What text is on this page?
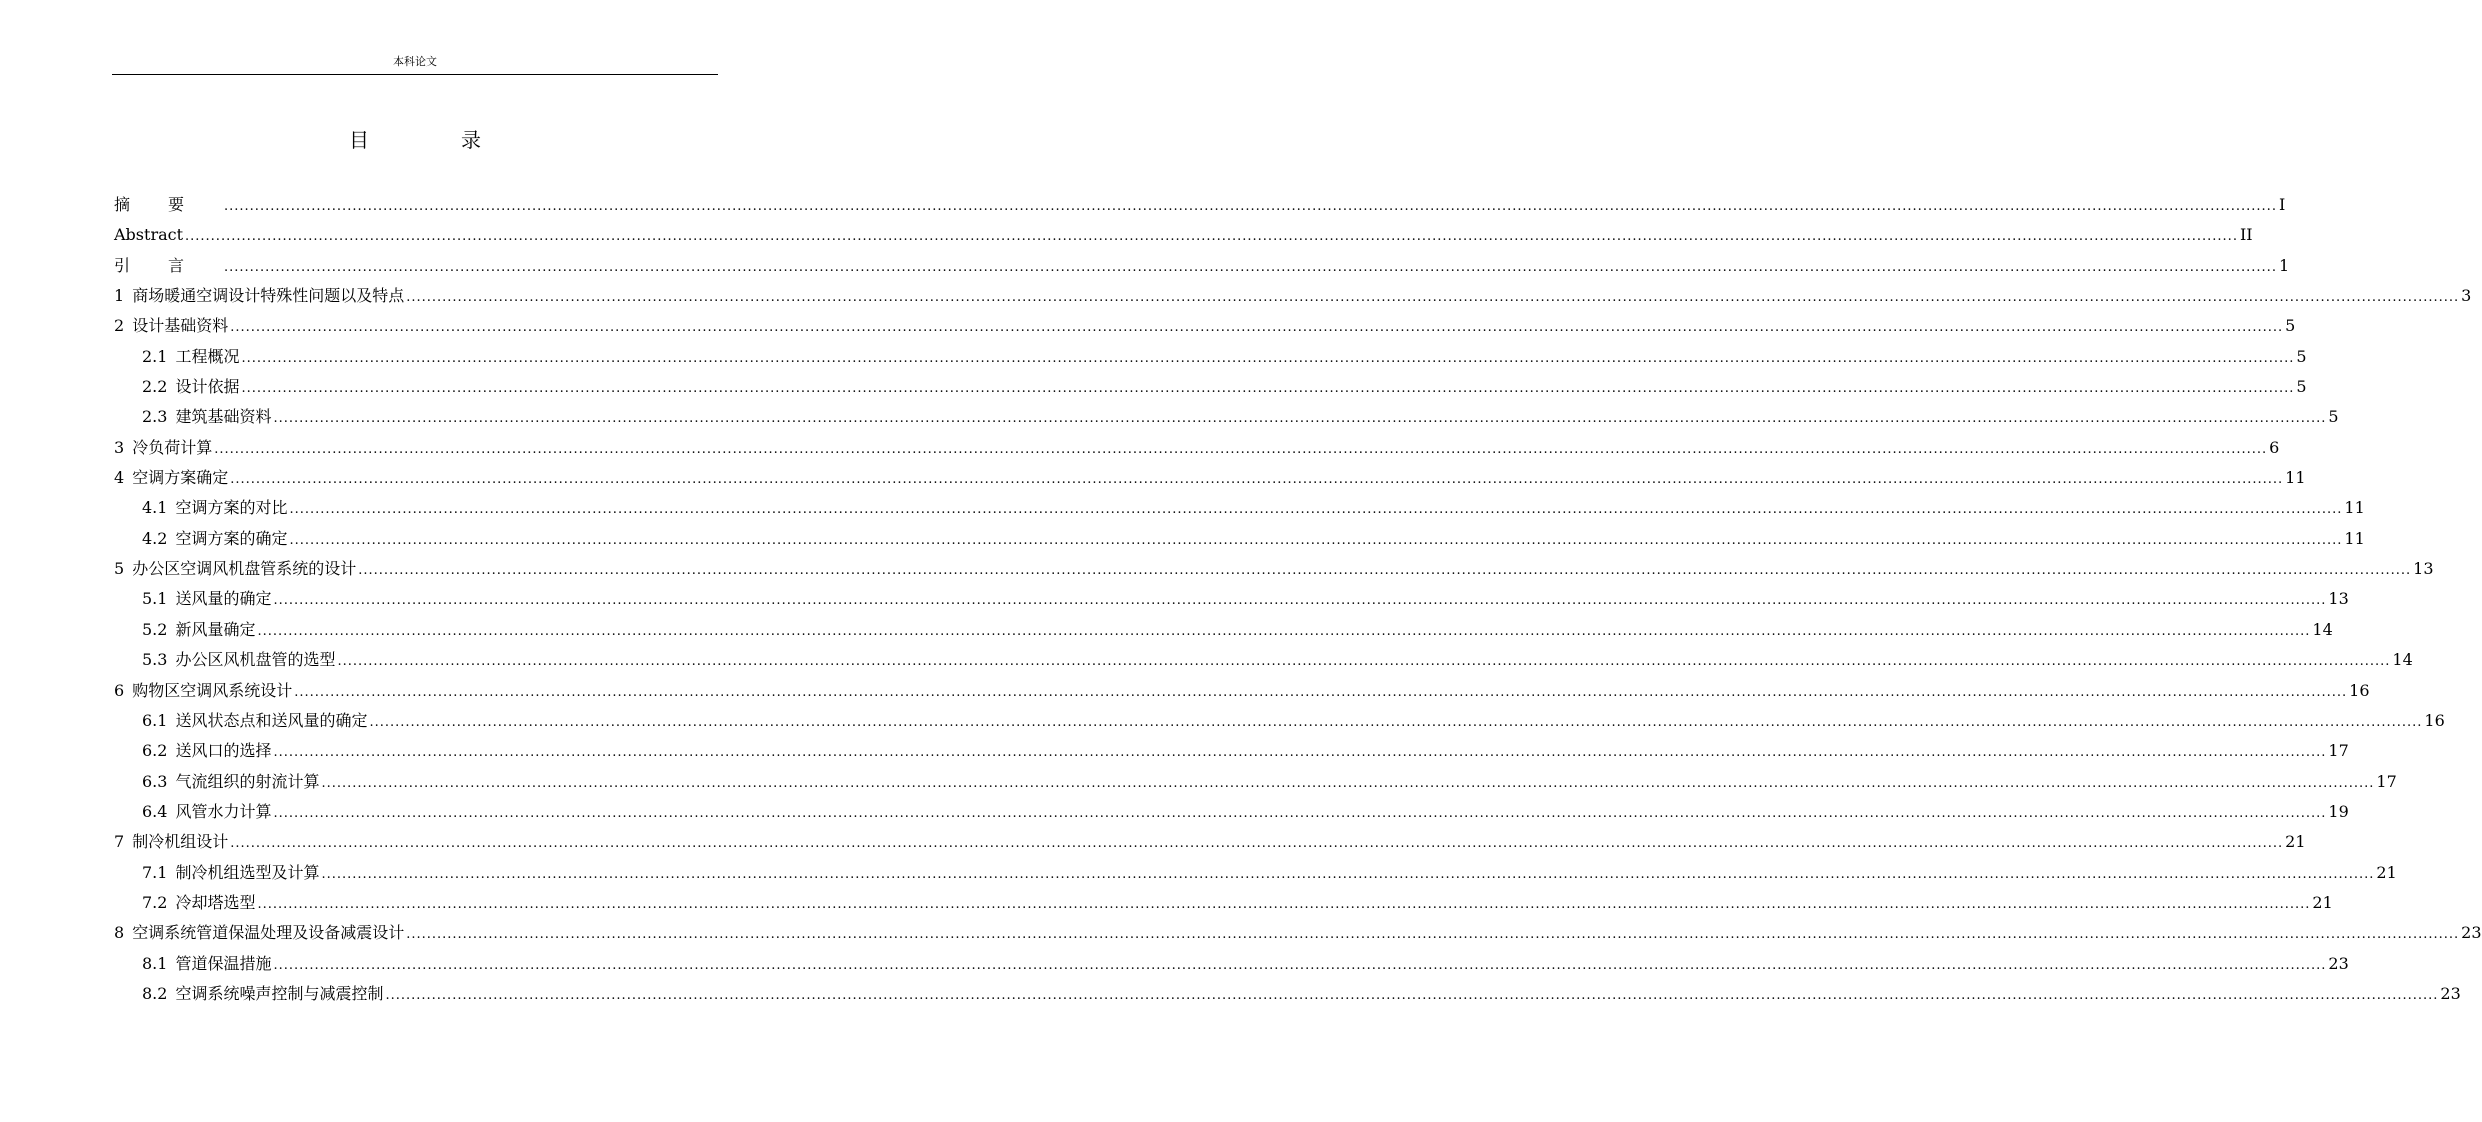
本科论文
目　录
摘要 ................................................................................................................................................................................................................................................................................................................................................................................................................ I
Abstract ................................................................................................................................................................................................................................................................................................................................................................................................................ II
引言 ................................................................................................................................................................................................................................................................................................................................................................................................................ 1
1 商场暖通空调设计特殊性问题以及特点 ................................................................................................................................................................................................................................................................................................................................................................................................................ 3
2 设计基础资料 ................................................................................................................................................................................................................................................................................................................................................................................................................ 5
2.1 工程概况 ................................................................................................................................................................................................................................................................................................................................................................................................................ 5
2.2 设计依据 ................................................................................................................................................................................................................................................................................................................................................................................................................ 5
2.3 建筑基础资料 ................................................................................................................................................................................................................................................................................................................................................................................................................ 5
3 冷负荷计算 ................................................................................................................................................................................................................................................................................................................................................................................................................ 6
4 空调方案确定 ................................................................................................................................................................................................................................................................................................................................................................................................................ 11
4.1 空调方案的对比 ................................................................................................................................................................................................................................................................................................................................................................................................................ 11
4.2 空调方案的确定 ................................................................................................................................................................................................................................................................................................................................................................................................................ 11
5 办公区空调风机盘管系统的设计 ................................................................................................................................................................................................................................................................................................................................................................................................................ 13
5.1 送风量的确定 ................................................................................................................................................................................................................................................................................................................................................................................................................ 13
5.2 新风量确定 ................................................................................................................................................................................................................................................................................................................................................................................................................ 14
5.3 办公区风机盘管的选型 ................................................................................................................................................................................................................................................................................................................................................................................................................ 14
6 购物区空调风系统设计 ................................................................................................................................................................................................................................................................................................................................................................................................................ 16
6.1 送风状态点和送风量的确定 ................................................................................................................................................................................................................................................................................................................................................................................................................ 16
6.2 送风口的选择 ................................................................................................................................................................................................................................................................................................................................................................................................................ 17
6.3 气流组织的射流计算 ................................................................................................................................................................................................................................................................................................................................................................................................................ 17
6.4 风管水力计算 ................................................................................................................................................................................................................................................................................................................................................................................................................ 19
7 制冷机组设计 ................................................................................................................................................................................................................................................................................................................................................................................................................ 21
7.1 制冷机组选型及计算 ................................................................................................................................................................................................................................................................................................................................................................................................................ 21
7.2 冷却塔选型 ................................................................................................................................................................................................................................................................................................................................................................................................................ 21
8 空调系统管道保温处理及设备减震设计 ................................................................................................................................................................................................................................................................................................................................................................................................................ 23
8.1 管道保温措施 ................................................................................................................................................................................................................................................................................................................................................................................................................ 23
8.2 空调系统噪声控制与减震控制 ................................................................................................................................................................................................................................................................................................................................................................................................................ 23
